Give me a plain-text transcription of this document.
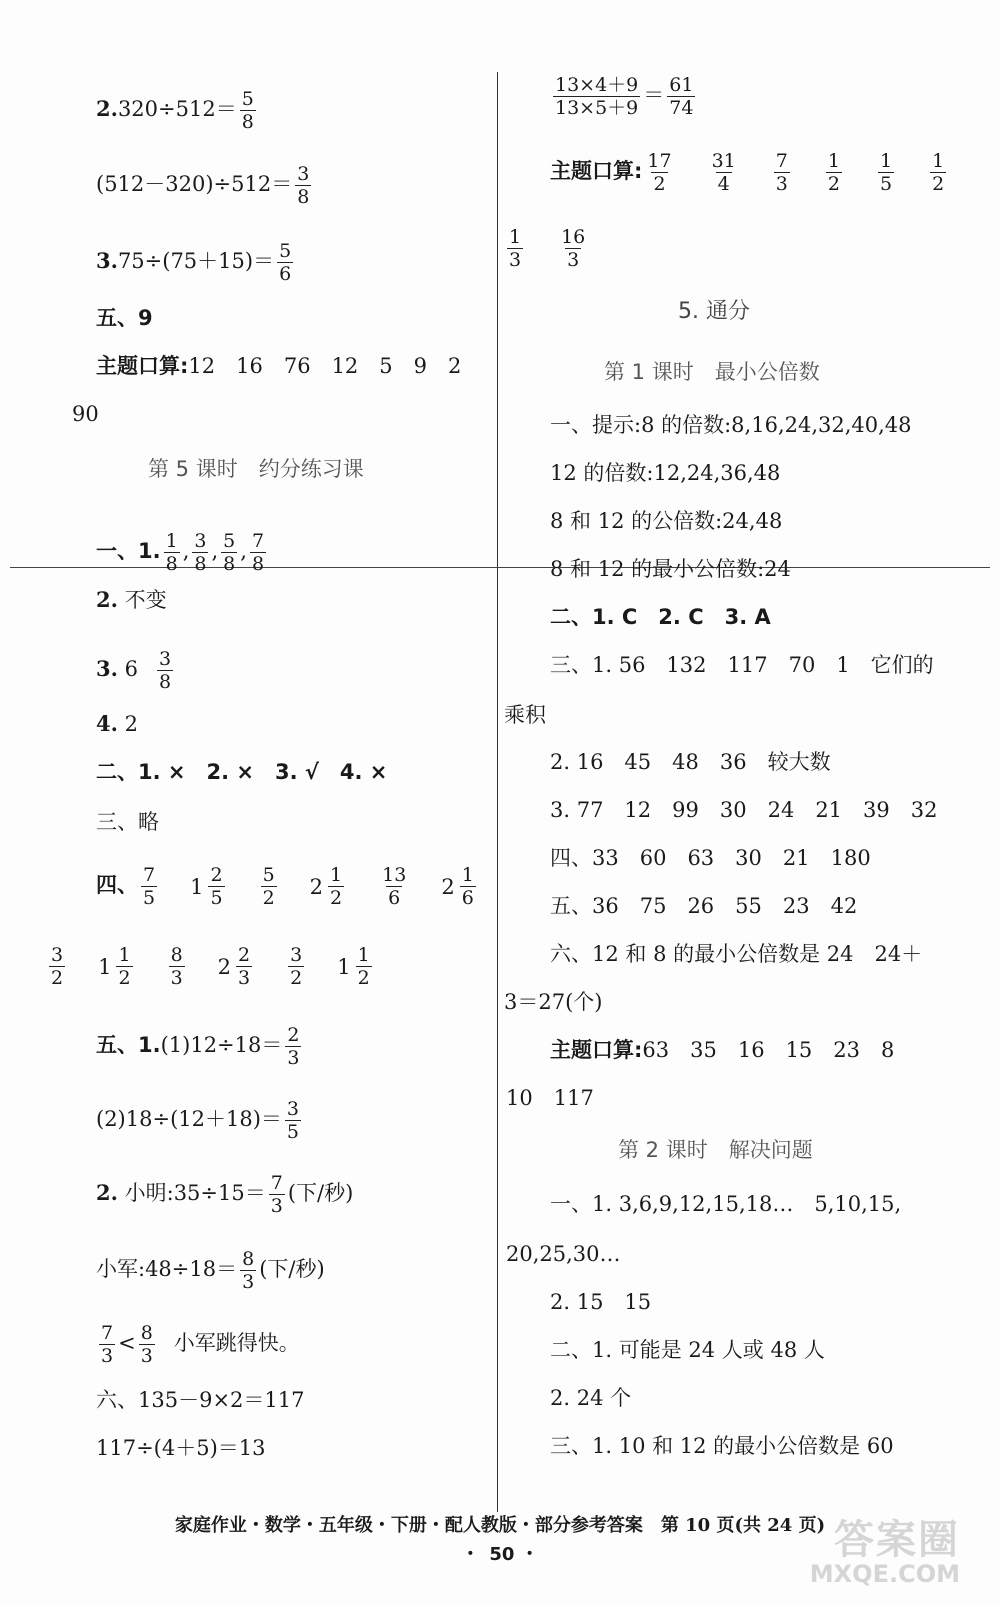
$2.320\div 512= \frac{5}{8}$
$(512-320)\div 512= \frac{3}{8}$
$3.75\div(75+15)= \frac{5}{6}$
五、9
主题口算:12　16　76　12　5　9　2
90
第 5 课时　约分练习课
一、1. $\frac{1}{8}$ , $\frac{3}{8}$ , $\frac{5}{8}$ , $\frac{7}{8}$
2. 不变
3. $6 \frac{3}{8}$
4. 2
二、1. ×　2. ×　3. √　4. ×
三、略
四、 $\frac{7}{5} 1 \frac{2}{5} \frac{5}{2} 2 \frac{1}{2} \frac{13}{6} 2 \frac{1}{6}$
$\frac{3}{2} 1 \frac{1}{2} \frac{8}{3} 2 \frac{2}{3} \frac{3}{2} 1 \frac{1}{2}$
五、$1.(1)12\div 18= \frac{2}{3}$
$(2)18\div(12+18)= \frac{3}{5}$
2. 小明:35÷15＝ $\frac{7}{3}$ (下/秒)
小军:48÷18＝ $\frac{8}{3}$ (下/秒)
$\frac{7}{3} < \frac{8}{3}$ 小军跳得快。
六、135－9×2＝117
117÷(4＋5)＝13
$\frac{13\times 4+9}{13\times 5+9} = \frac{61}{74}$
主题口算: $\frac{17}{2} \frac{31}{4} \frac{7}{3} \frac{1}{2} \frac{1}{5} \frac{1}{2}$
$\frac{1}{3} \frac{16}{3}$
5. 通分
第 1 课时　最小公倍数
一、提示:8 的倍数:8,16,24,32,40,48
12 的倍数:12,24,36,48
8 和 12 的公倍数:24,48
8 和 12 的最小公倍数:24
二、1. C　2. C　3. A
三、1. 56　132　117　70　1　它们的
乘积
2. 16　45　48　36　较大数
3. 77　12　99　30　24　21　39　32
四、33　60　63　30　21　180
五、36　75　26　55　23　42
六、12 和 8 的最小公倍数是 24　24＋
3＝27(个)
主题口算:63　35　16　15　23　8
10　117
第 2 课时　解决问题
一、1. 3,6,9,12,15,18…　5,10,15,
20,25,30…
2. 15　15
二、1. 可能是 24 人或 48 人
2. 24 个
三、1. 10 和 12 的最小公倍数是 60
家庭作业・数学・五年级・下册・配人教版・部分参考答案　第 10 页(共 24 页)
・ 50 ・	答案圈
MXQE.COM
